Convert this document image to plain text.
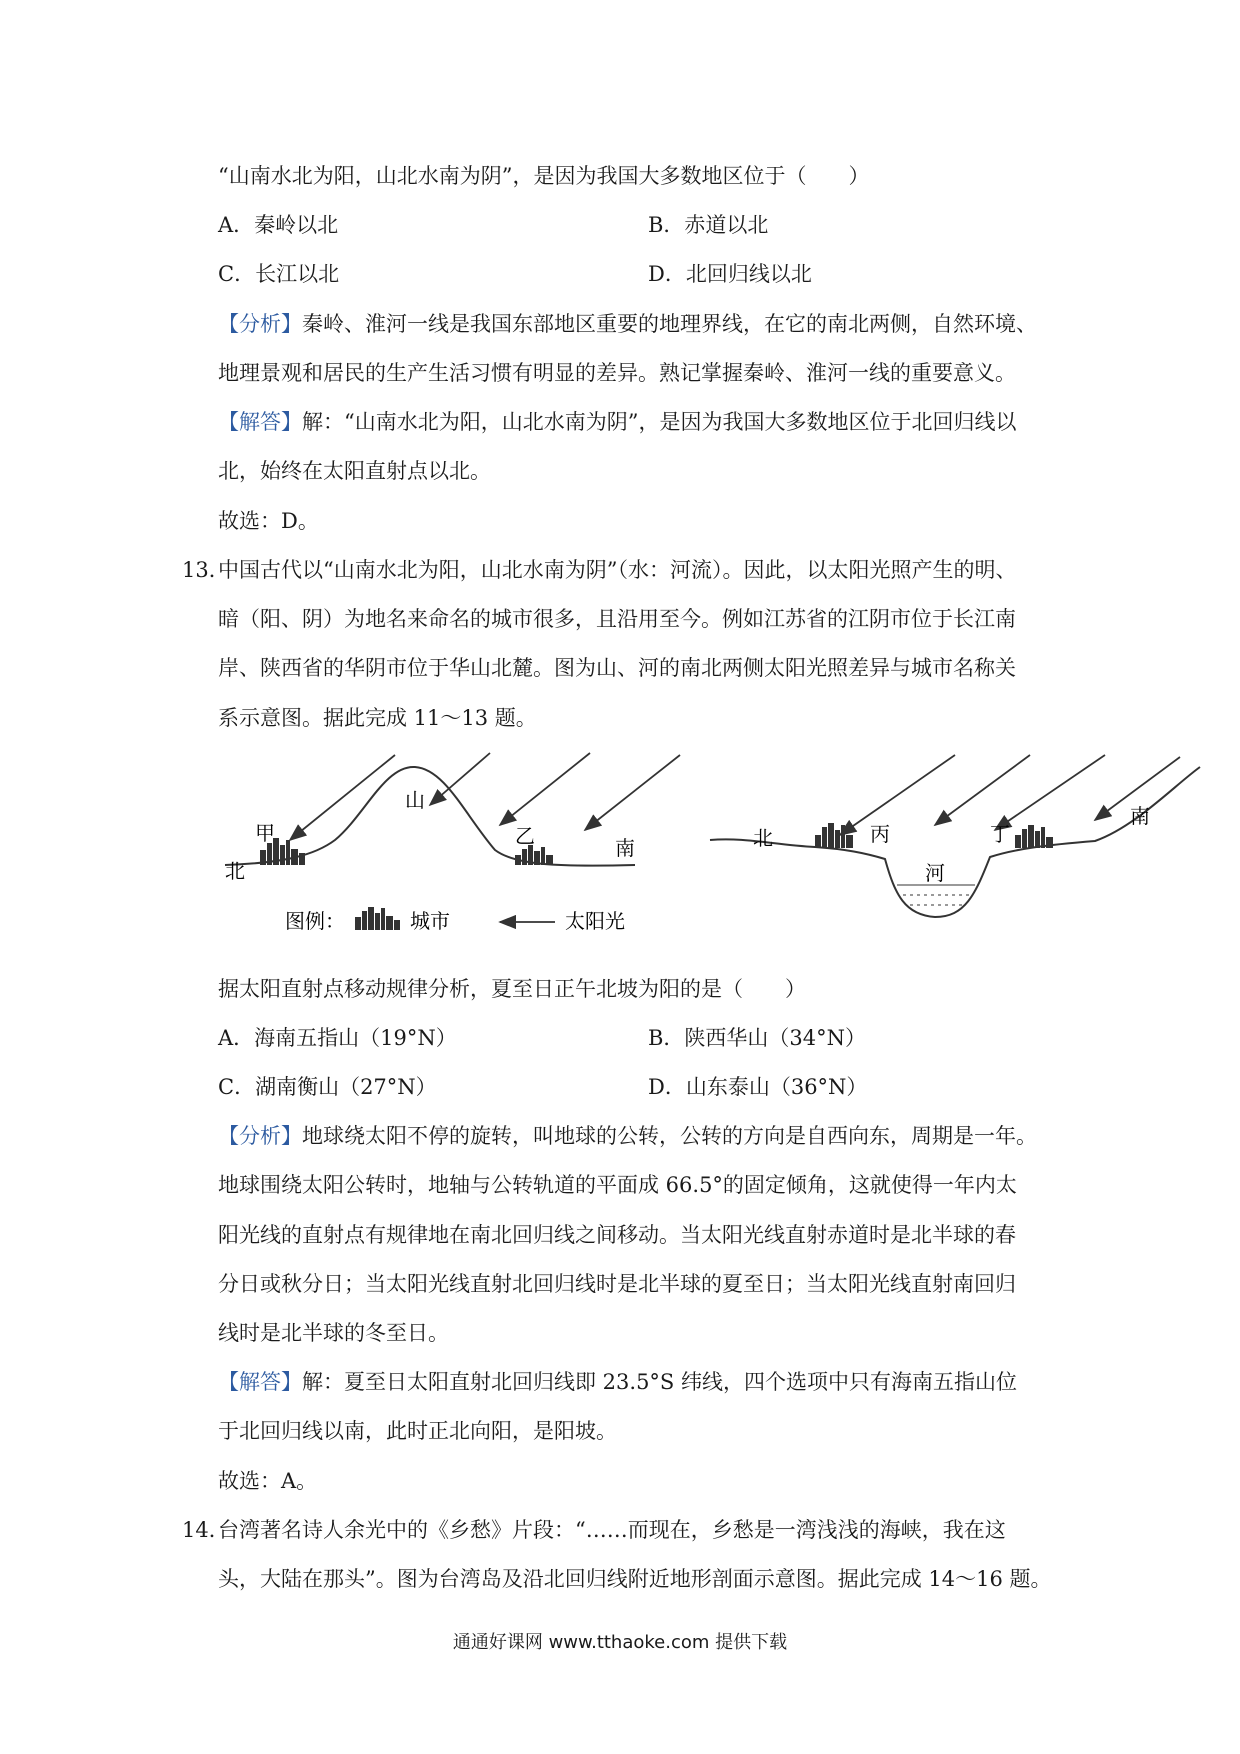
“山南水北为阳，山北水南为阴”，是因为我国大多数地区位于（　　）
A．秦岭以北	B．赤道以北
C．长江以北	D．北回归线以北
【分析】秦岭、淮河一线是我国东部地区重要的地理界线，在它的南北两侧，自然环境、
地理景观和居民的生产生活习惯有明显的差异。熟记掌握秦岭、淮河一线的重要意义。
【解答】解：“山南水北为阳，山北水南为阴”，是因为我国大多数地区位于北回归线以
北，始终在太阳直射点以北。
故选：D。
13．
中国古代以“山南水北为阳，山北水南为阴”（水：河流）。因此，以太阳光照产生的明、
暗（阳、阴）为地名来命名的城市很多，且沿用至今。例如江苏省的江阴市位于长江南
岸、陕西省的华阴市位于华山北麓。图为山、河的南北两侧太阳光照差异与城市名称关
系示意图。据此完成 11～13 题。
山
甲	乙
北
南
图例：	城市	太阳光
北	丙	丁
河
南
据太阳直射点移动规律分析，夏至日正午北坡为阳的是（　　）
A．海南五指山（19°N）	B．陕西华山（34°N）
C．湖南衡山（27°N）	D．山东泰山（36°N）
【分析】地球绕太阳不停的旋转，叫地球的公转，公转的方向是自西向东，周期是一年。
地球围绕太阳公转时，地轴与公转轨道的平面成 66.5°的固定倾角，这就使得一年内太
阳光线的直射点有规律地在南北回归线之间移动。当太阳光线直射赤道时是北半球的春
分日或秋分日；当太阳光线直射北回归线时是北半球的夏至日；当太阳光线直射南回归
线时是北半球的冬至日。
【解答】解：夏至日太阳直射北回归线即 23.5°S 纬线，四个选项中只有海南五指山位
于北回归线以南，此时正北向阳，是阳坡。
故选：A。
14．
台湾著名诗人余光中的《乡愁》片段：“……而现在，乡愁是一湾浅浅的海峡，我在这
头，大陆在那头”。图为台湾岛及沿北回归线附近地形剖面示意图。据此完成 14～16 题。
通通好课网 www.tthaoke.com 提供下载
